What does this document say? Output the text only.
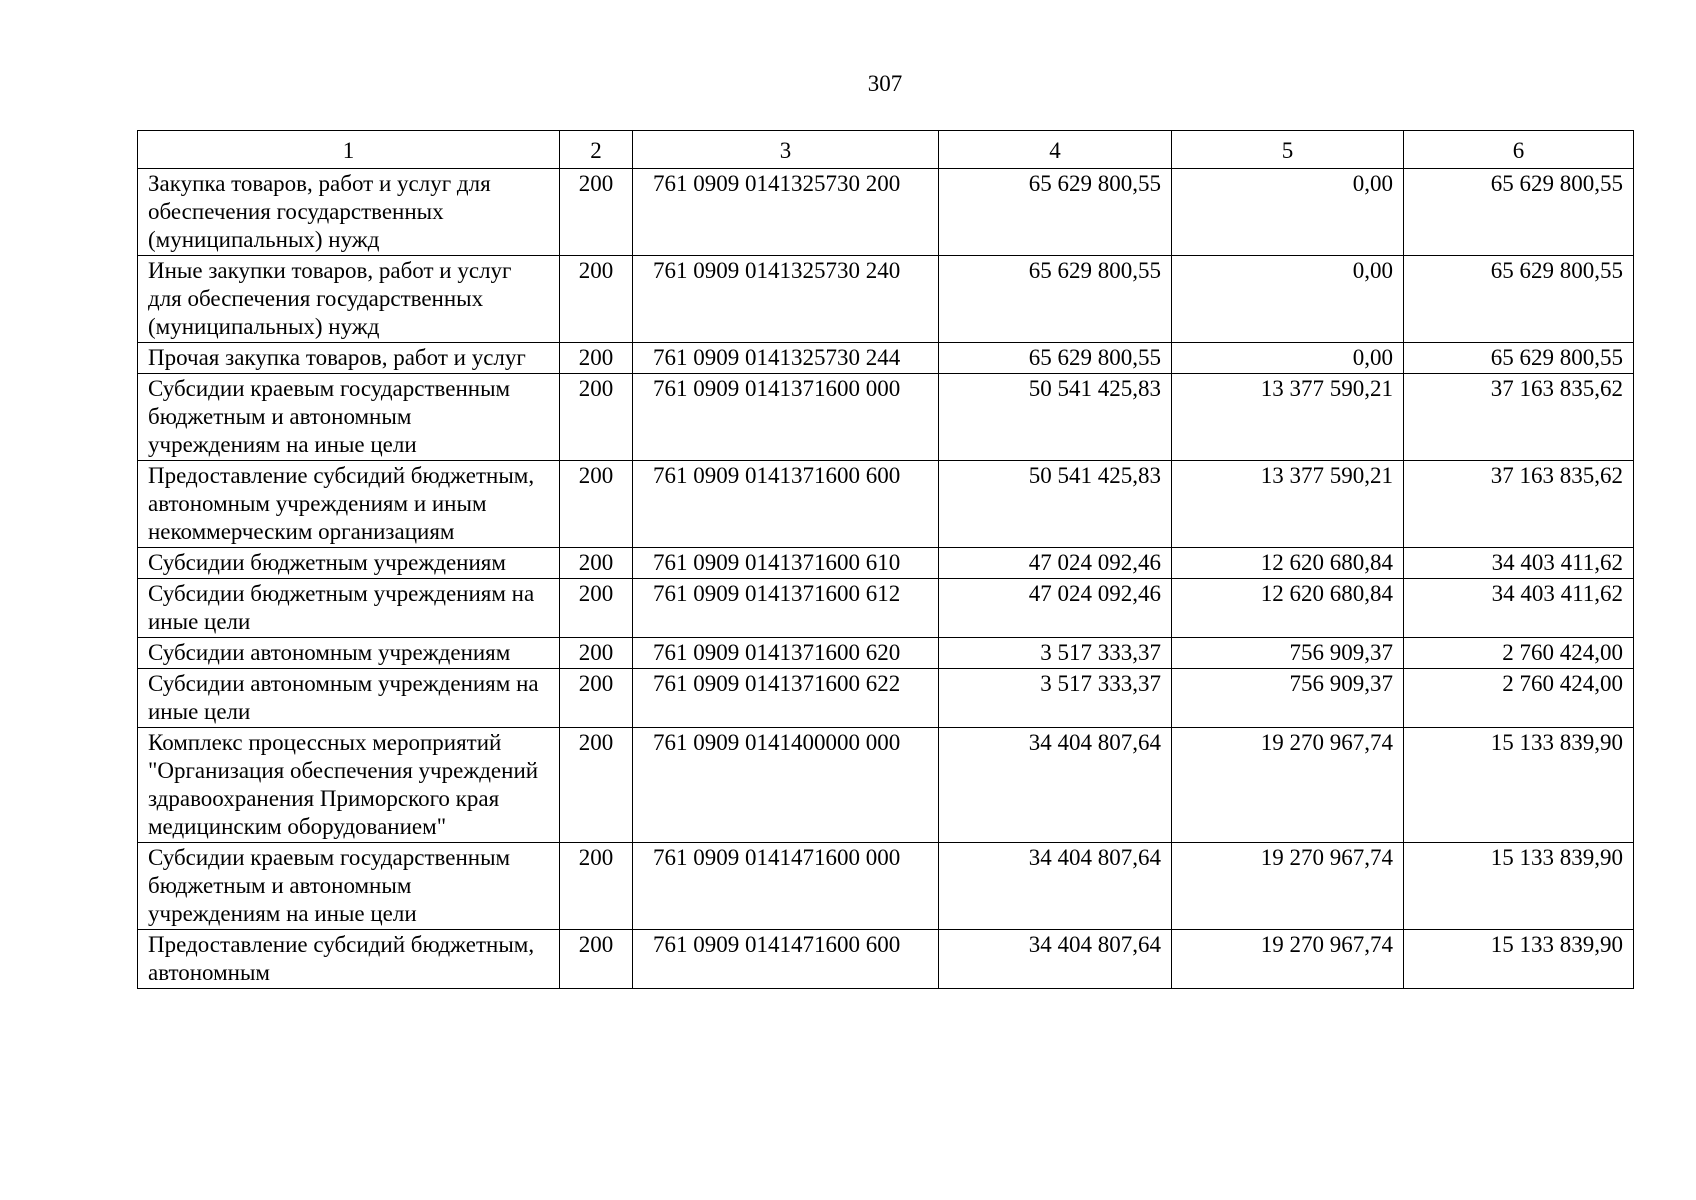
307
1	2	3	4	5	6
Закупка товаров, работ и услуг для обеспечения государственных (муниципальных) нужд	200	761 0909 0141325730 200	65 629 800,55	0,00	65 629 800,55
Иные закупки товаров, работ и услуг для обеспечения государственных (муниципальных) нужд	200	761 0909 0141325730 240	65 629 800,55	0,00	65 629 800,55
Прочая закупка товаров, работ и услуг	200	761 0909 0141325730 244	65 629 800,55	0,00	65 629 800,55
Субсидии краевым государственным бюджетным и автономным учреждениям на иные цели	200	761 0909 0141371600 000	50 541 425,83	13 377 590,21	37 163 835,62
Предоставление субсидий бюджетным, автономным учреждениям и иным некоммерческим организациям	200	761 0909 0141371600 600	50 541 425,83	13 377 590,21	37 163 835,62
Субсидии бюджетным учреждениям	200	761 0909 0141371600 610	47 024 092,46	12 620 680,84	34 403 411,62
Субсидии бюджетным учреждениям на иные цели	200	761 0909 0141371600 612	47 024 092,46	12 620 680,84	34 403 411,62
Субсидии автономным учреждениям	200	761 0909 0141371600 620	3 517 333,37	756 909,37	2 760 424,00
Субсидии автономным учреждениям на иные цели	200	761 0909 0141371600 622	3 517 333,37	756 909,37	2 760 424,00
Комплекс процессных мероприятий "Организация обеспечения учреждений здравоохранения Приморского края медицинским оборудованием"	200	761 0909 0141400000 000	34 404 807,64	19 270 967,74	15 133 839,90
Субсидии краевым государственным бюджетным и автономным учреждениям на иные цели	200	761 0909 0141471600 000	34 404 807,64	19 270 967,74	15 133 839,90
Предоставление субсидий бюджетным, автономным	200	761 0909 0141471600 600	34 404 807,64	19 270 967,74	15 133 839,90
